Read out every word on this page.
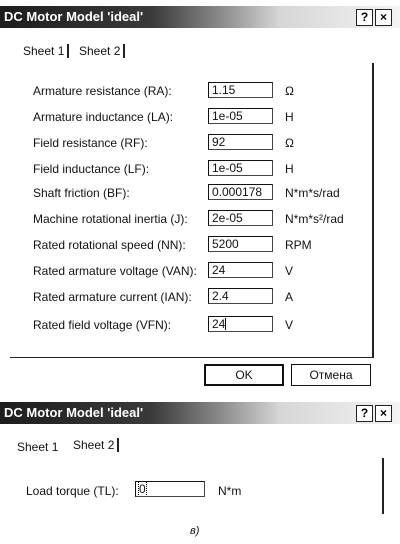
DC Motor Model 'ideal'	? ×
Sheet 1	Sheet 2
Armature resistance (RA):	1.15	Ω
Armature inductance (LA):	1e-05	H
Field resistance (RF):	92	Ω
Field inductance (LF):	1e-05	H
Shaft friction (BF):	0.000178	N*m*s/rad
Machine rotational inertia (J):	2e-05	N*m*s²/rad
Rated rotational speed (NN):	5200	RPM
Rated armature voltage (VAN):	24	V
Rated armature current (IAN):	2.4	A
Rated field voltage (VFN):	24	V
OK	Отмена
DC Motor Model 'ideal'	? ×
Sheet 1 Sheet 2
Load torque (TL):	0	N*m
в)
